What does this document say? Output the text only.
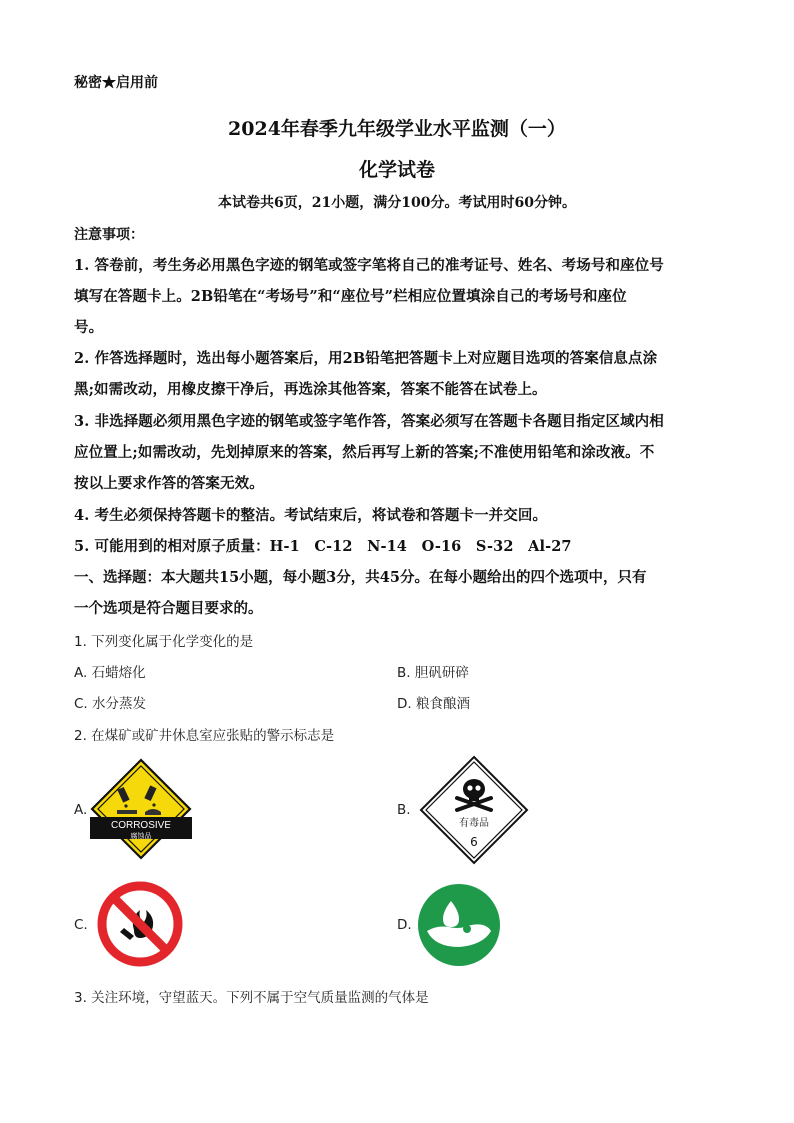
秘密★启用前
2024年春季九年级学业水平监测（一）
化学试卷
本试卷共6页，21小题，满分100分。考试用时60分钟。
注意事项：
1. 答卷前，考生务必用黑色字迹的钢笔或签字笔将自己的准考证号、姓名、考场号和座位号
填写在答题卡上。2B铅笔在“考场号”和“座位号”栏相应位置填涂自己的考场号和座位
号。
2. 作答选择题时，选出每小题答案后，用2B铅笔把答题卡上对应题目选项的答案信息点涂
黑;如需改动，用橡皮擦干净后，再选涂其他答案，答案不能答在试卷上。
3. 非选择题必须用黑色字迹的钢笔或签字笔作答，答案必须写在答题卡各题目指定区域内相
应位置上;如需改动，先划掉原来的答案，然后再写上新的答案;不准使用铅笔和涂改液。不
按以上要求作答的答案无效。
4. 考生必须保持答题卡的整洁。考试结束后，将试卷和答题卡一并交回。
5. 可能用到的相对原子质量：H-1　C-12　N-14　O-16　S-32　Al-27
一、选择题：本大题共15小题，每小题3分，共45分。在每小题给出的四个选项中，只有
一个选项是符合题目要求的。
1. 下列变化属于化学变化的是
A. 石蜡熔化	B. 胆矾研碎
C. 水分蒸发	D. 粮食酿酒
2. 在煤矿或矿井休息室应张贴的警示标志是
A.
CORROSIVE
腐蚀品
B.
有毒品
6
C.	D.
3. 关注环境，守望蓝天。下列不属于空气质量监测的气体是
